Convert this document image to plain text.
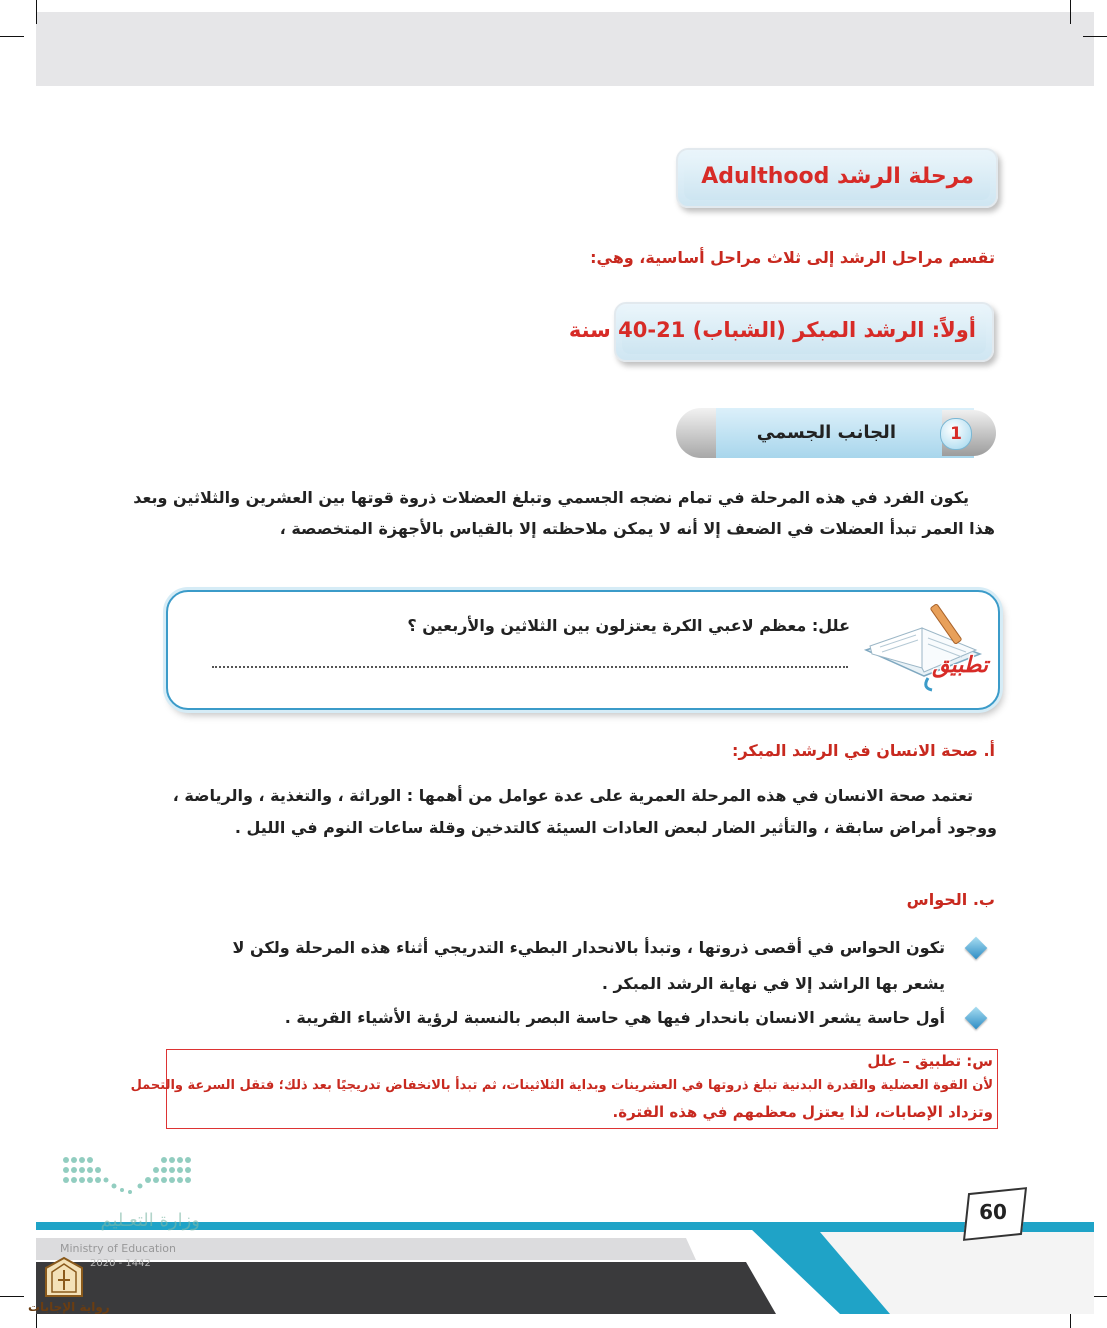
مرحلة الرشد Adulthood
تقسم مراحل الرشد إلى ثلاث مراحل أساسية، وهي:
أولاً: الرشد المبكر (الشباب) 21-40 سنة
1
الجانب الجسمي
يكون الفرد في هذه المرحلة في تمام نضجه الجسمي وتبلغ العضلات ذروة قوتها بين العشرين والثلاثين وبعد
هذا العمر تبدأ العضلات في الضعف إلا أنه لا يمكن ملاحظته إلا بالقياس بالأجهزة المتخصصة ،
علل: معظم لاعبي الكرة يعتزلون بين الثلاثين والأربعين ؟
تطبيق
أ. صحة الانسان في الرشد المبكر:
تعتمد صحة الانسان في هذه المرحلة العمرية على عدة عوامل من أهمها : الوراثة ، والتغذية ، والرياضة ،
ووجود أمراض سابقة ، والتأثير الضار لبعض العادات السيئة كالتدخين وقلة ساعات النوم في الليل .
ب. الحواس
تكون الحواس في أقصى ذروتها ، وتبدأ بالانحدار البطيء التدريجي أثناء هذه المرحلة ولكن لا
يشعر بها الراشد إلا في نهاية الرشد المبكر .
أول حاسة يشعر الانسان بانحدار فيها هي حاسة البصر بالنسبة لرؤية الأشياء القريبة .
س: تطبيق – علل
لأن القوة العضلية والقدرة البدنية تبلغ ذروتها في العشرينات وبداية الثلاثينات، ثم تبدأ بالانخفاض تدريجيًا بعد ذلك؛ فتقل السرعة والتحمل
وتزداد الإصابات، لذا يعتزل معظمهم في هذه الفترة.
وزارة التعـليم
Ministry of Education
2020 - 1442
رواية الإجابات
60
